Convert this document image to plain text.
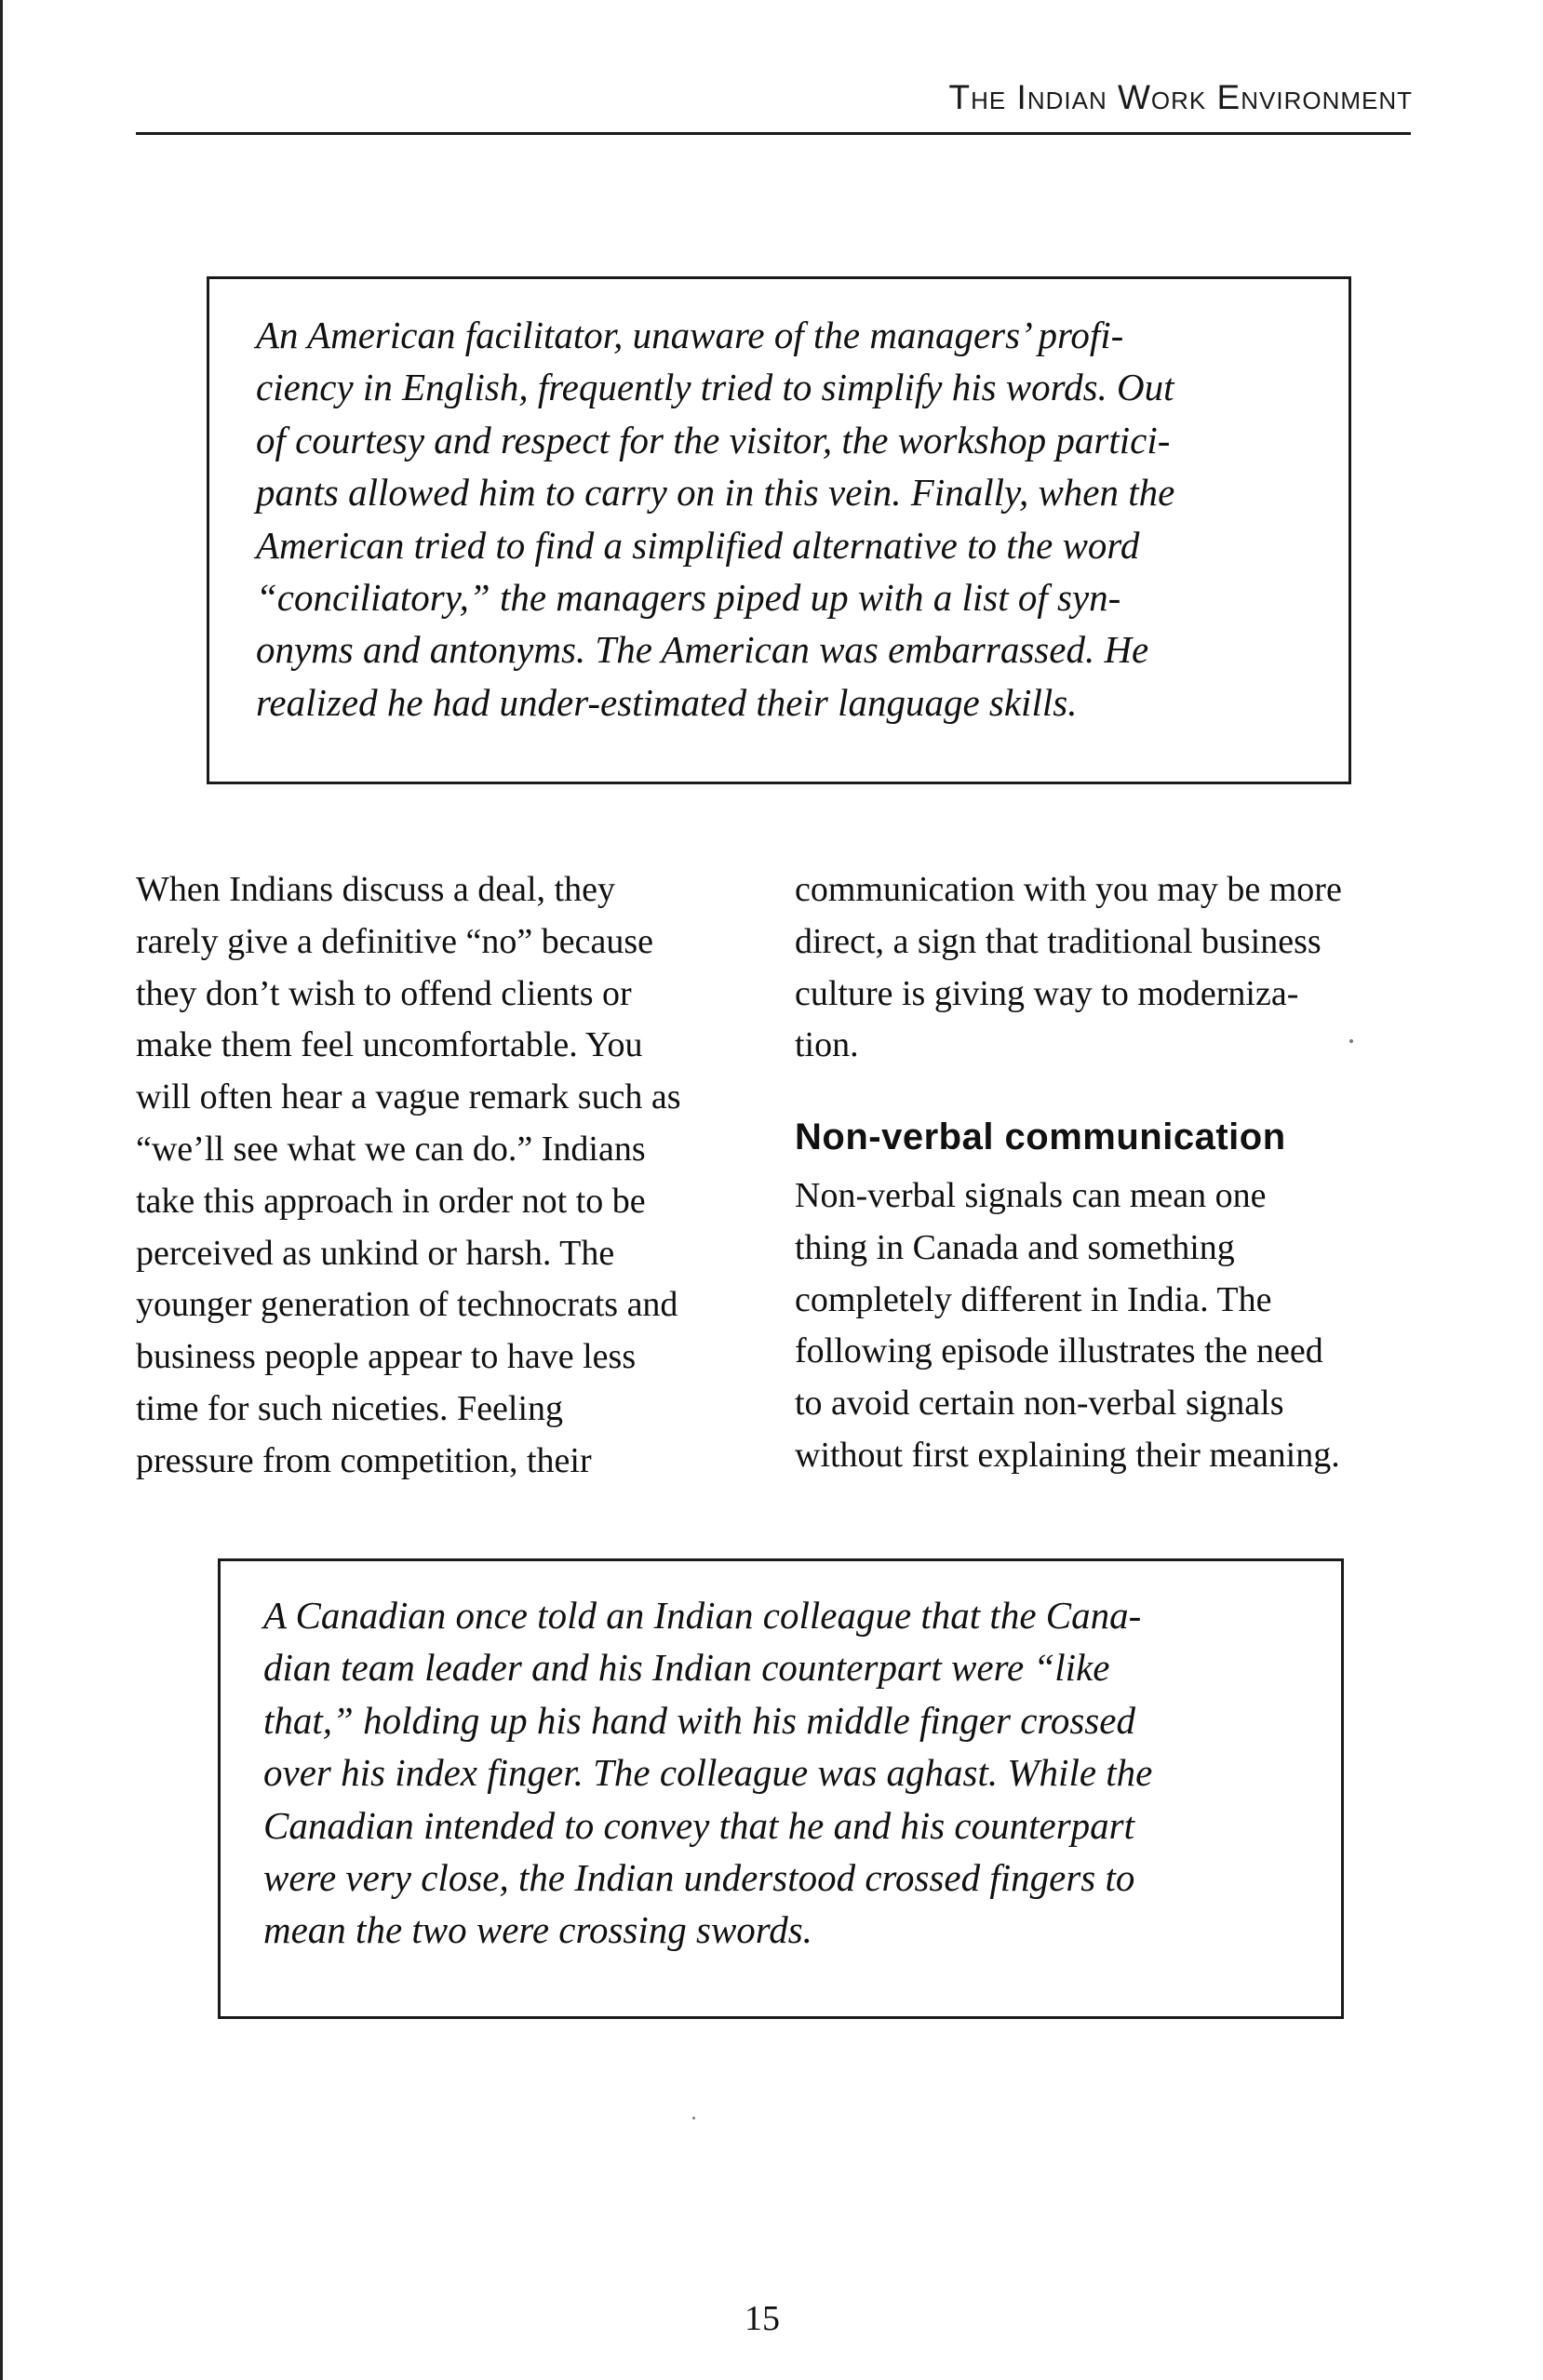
The Indian Work Environment
An American facilitator, unaware of the managers’ profi-
ciency in English, frequently tried to simplify his words. Out
of courtesy and respect for the visitor, the workshop partici-
pants allowed him to carry on in this vein. Finally, when the
American tried to find a simplified alternative to the word
“conciliatory,” the managers piped up with a list of syn-
onyms and antonyms. The American was embarrassed. He
realized he had under-estimated their language skills.
When Indians discuss a deal, they
rarely give a definitive “no” because
they don’t wish to offend clients or
make them feel uncomfortable. You
will often hear a vague remark such as
“we’ll see what we can do.” Indians
take this approach in order not to be
perceived as unkind or harsh. The
younger generation of technocrats and
business people appear to have less
time for such niceties. Feeling
pressure from competition, their
communication with you may be more
direct, a sign that traditional business
culture is giving way to moderniza-
tion.
Non-verbal communication
Non-verbal signals can mean one
thing in Canada and something
completely different in India. The
following episode illustrates the need
to avoid certain non-verbal signals
without first explaining their meaning.
A Canadian once told an Indian colleague that the Cana-
dian team leader and his Indian counterpart were “like
that,” holding up his hand with his middle finger crossed
over his index finger. The colleague was aghast. While the
Canadian intended to convey that he and his counterpart
were very close, the Indian understood crossed fingers to
mean the two were crossing swords.
15
